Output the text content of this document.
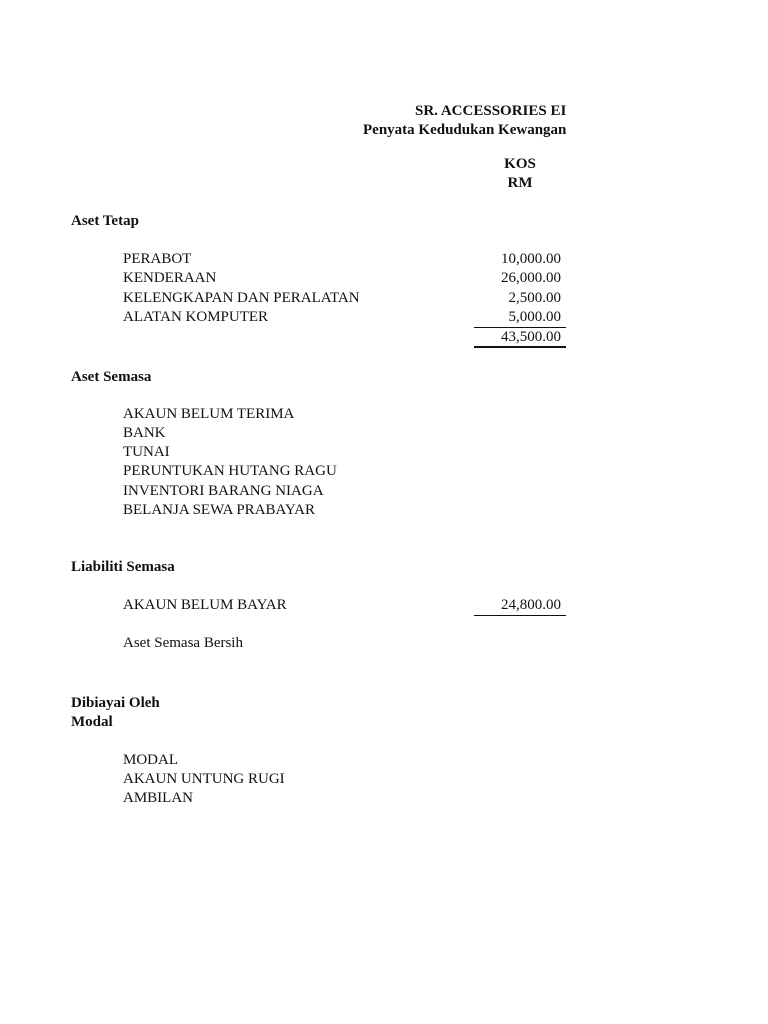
SR. ACCESSORIES EI
Penyata Kedudukan Kewangan
KOS
RM
Aset Tetap
PERABOT	10,000.00
KENDERAAN	26,000.00
KELENGKAPAN DAN PERALATAN	2,500.00
ALATAN KOMPUTER	5,000.00
43,500.00
Aset Semasa
AKAUN BELUM TERIMA
BANK
TUNAI
PERUNTUKAN HUTANG RAGU
INVENTORI BARANG NIAGA
BELANJA SEWA PRABAYAR
Liabiliti Semasa
AKAUN BELUM BAYAR	24,800.00
Aset Semasa Bersih
Dibiayai Oleh
Modal
MODAL
AKAUN UNTUNG RUGI
AMBILAN
